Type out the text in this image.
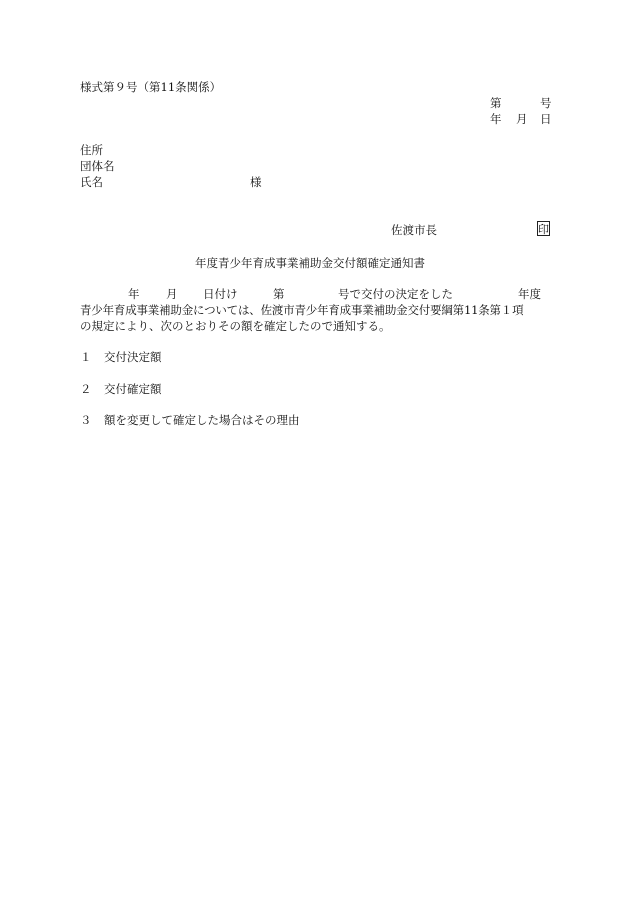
様式第９号（第11条関係）
第	号
年 月 日
住所
団体名
氏名	様
佐渡市長	印
年度青少年育成事業補助金交付額確定通知書
年 月 日付け	第	号で交付の決定をした	年度
青少年育成事業補助金については、佐渡市青少年育成事業補助金交付要綱第11条第１項
の規定により、次のとおりその額を確定したので通知する。
１ 交付決定額
２ 交付確定額
３ 額を変更して確定した場合はその理由
